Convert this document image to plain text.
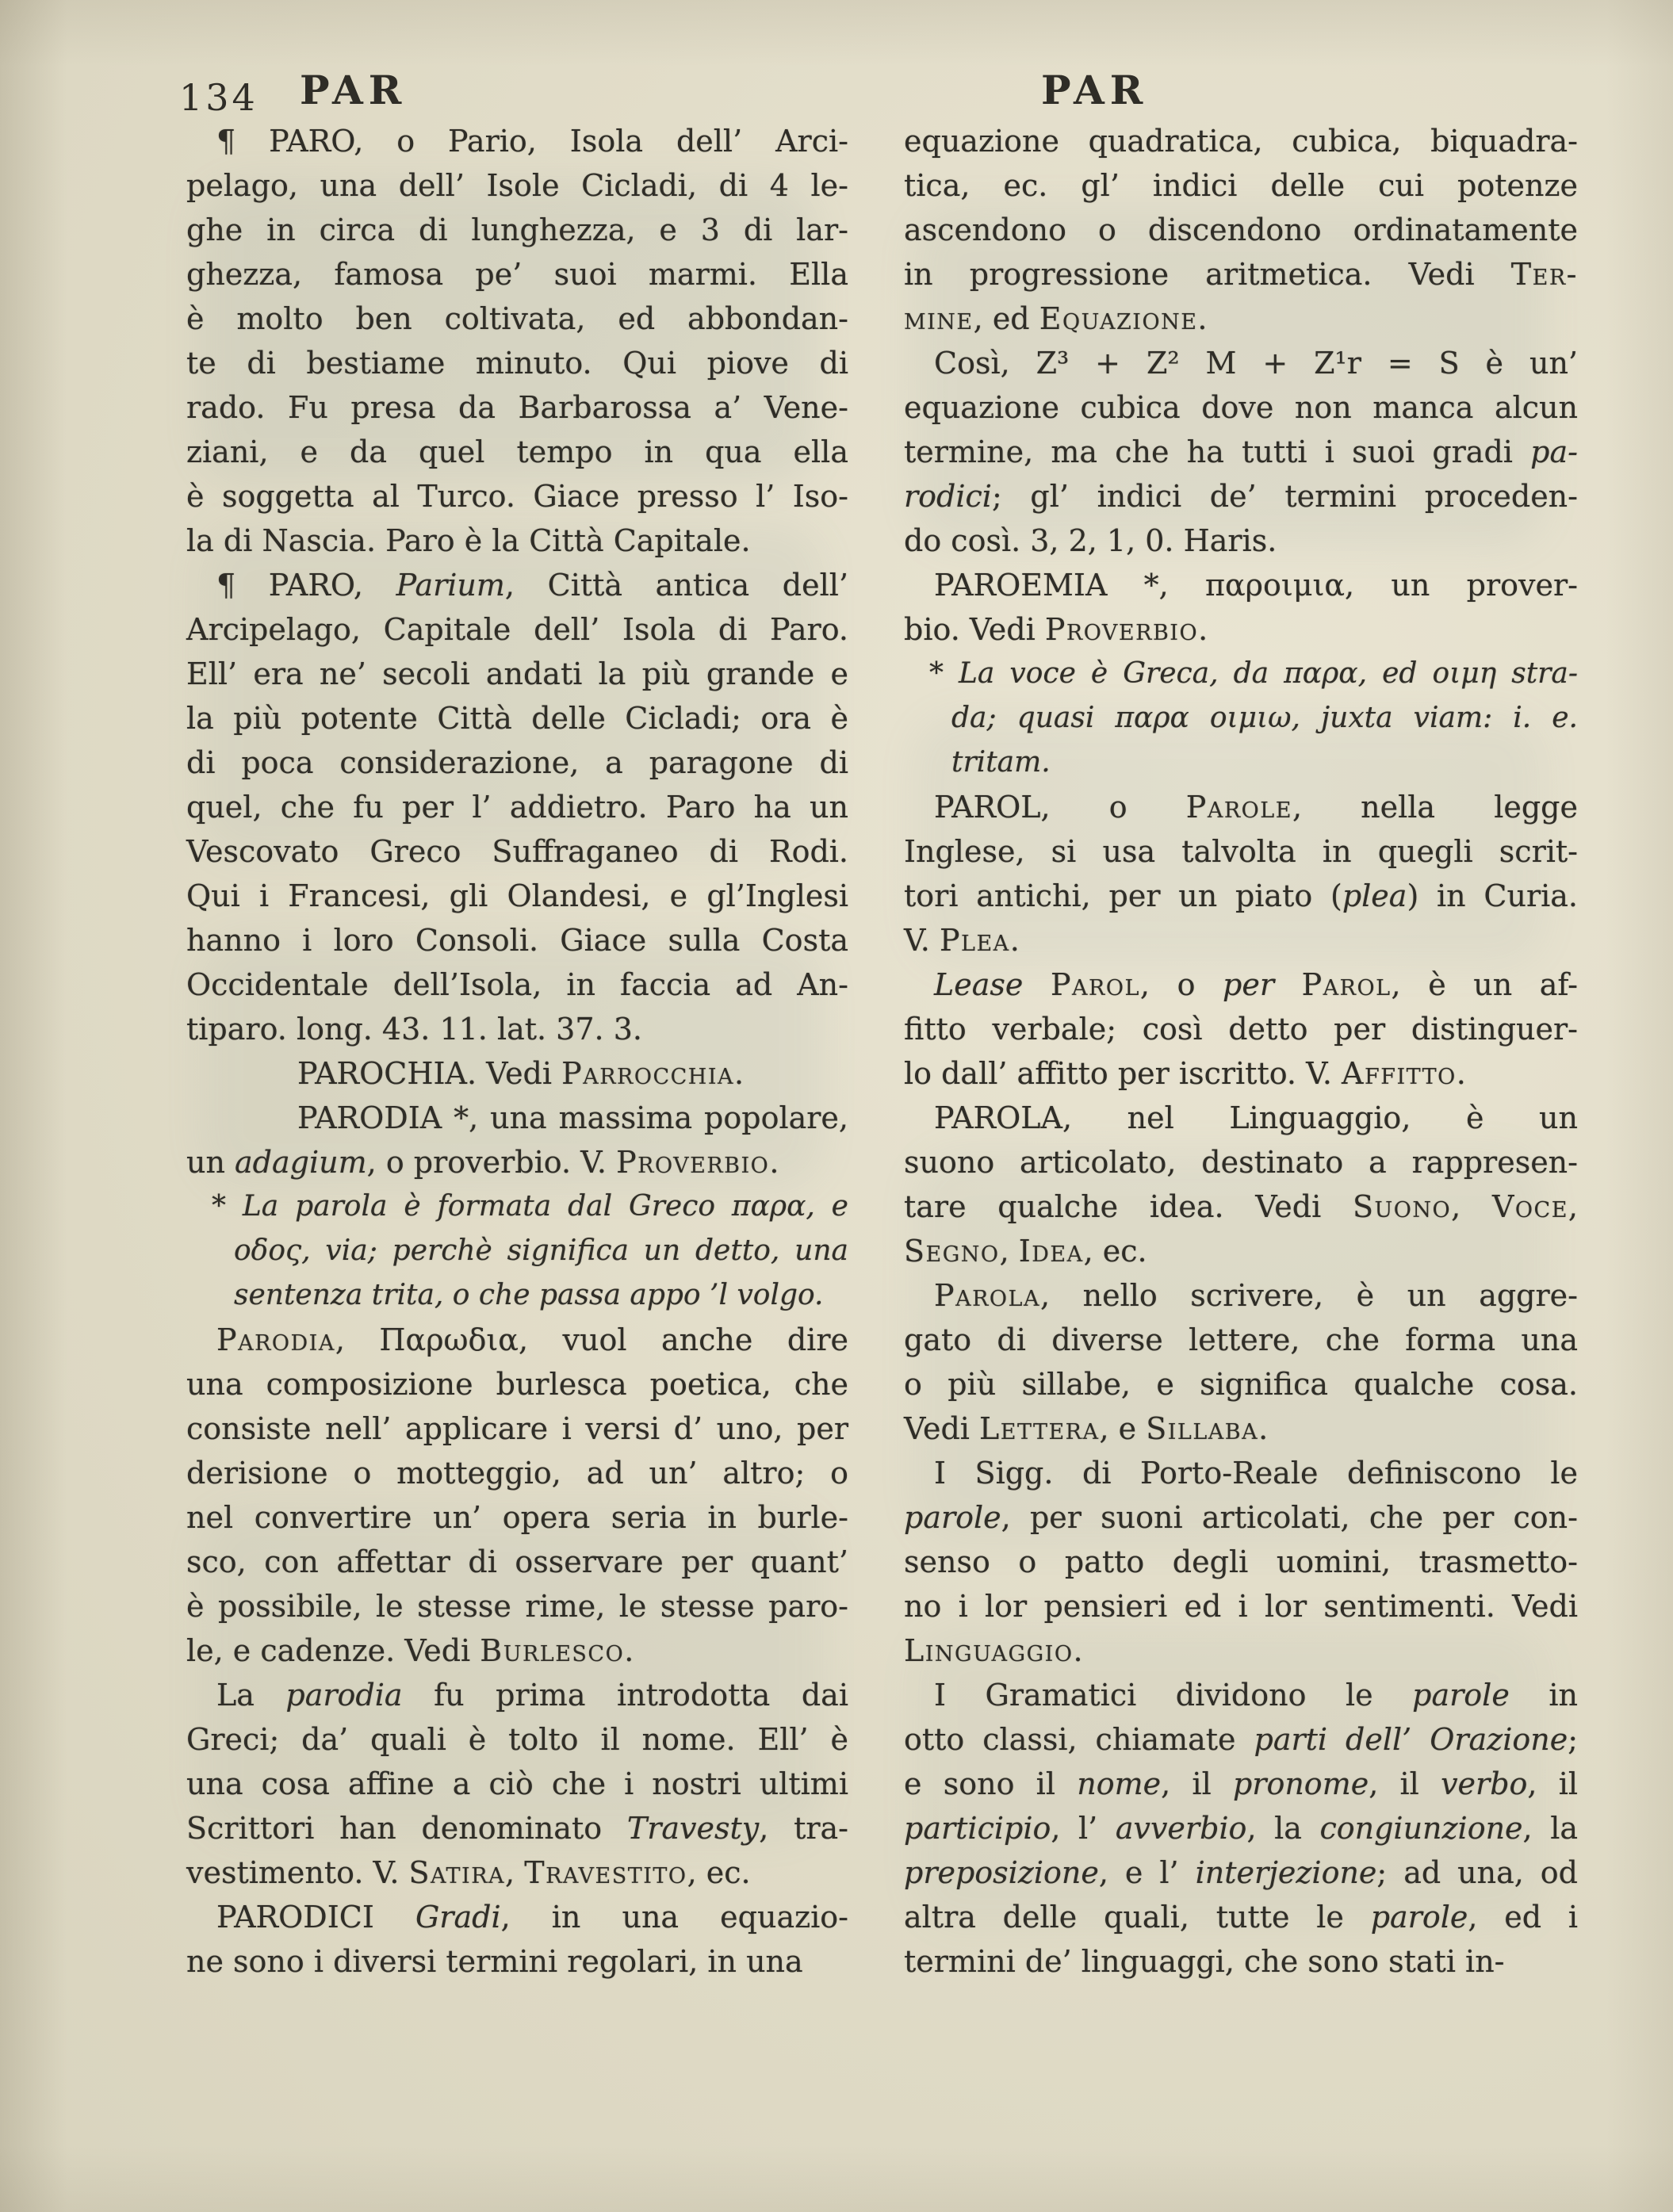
134 PAR	PAR
¶ PARO, o Pario, Isola dell’ Arci-
pelago, una dell’ Isole Cicladi, di 4 le-
ghe in circa di lunghezza, e 3 di lar-
ghezza, famosa pe’ suoi marmi. Ella
è molto ben coltivata, ed abbondan-
te di bestiame minuto. Qui piove di
rado. Fu presa da Barbarossa a’ Vene-
ziani, e da quel tempo in qua ella
è soggetta al Turco. Giace presso l’ Iso-
la di Nascia. Paro è la Città Capitale.
¶ PARO, Parium, Città antica dell’
Arcipelago, Capitale dell’ Isola di Paro.
Ell’ era ne’ secoli andati la più grande e
la più potente Città delle Cicladi; ora è
di poca considerazione, a paragone di
quel, che fu per l’ addietro. Paro ha un
Vescovato Greco Suffraganeo di Rodi.
Qui i Francesi, gli Olandesi, e gl’Inglesi
hanno i loro Consoli. Giace sulla Costa
Occidentale dell’Isola, in faccia ad An-
tiparo. long. 43. 11. lat. 37. 3.
PAROCHIA. Vedi Parrocchia.
PARODIA *, una massima popolare,
un adagium, o proverbio. V. Proverbio.
* La parola è formata dal Greco παρα, e
οδος, via; perchè significa un detto, una
sentenza trita, o che passa appo ’l volgo.
Parodia, Παρωδια, vuol anche dire
una composizione burlesca poetica, che
consiste nell’ applicare i versi d’ uno, per
derisione o motteggio, ad un’ altro; o
nel convertire un’ opera seria in burle-
sco, con affettar di osservare per quant’
è possibile, le stesse rime, le stesse paro-
le, e cadenze. Vedi Burlesco.
La parodia fu prima introdotta dai
Greci; da’ quali è tolto il nome. Ell’ è
una cosa affine a ciò che i nostri ultimi
Scrittori han denominato Travesty, tra-
vestimento. V. Satira, Travestito, ec.
PARODICI Gradi, in una equazio-
ne sono i diversi termini regolari, in una
equazione quadratica, cubica, biquadra-
tica, ec. gl’ indici delle cui potenze
ascendono o discendono ordinatamente
in progressione aritmetica. Vedi Ter-
mine, ed Equazione.
Così, Z³ + Z² M + Z¹r = S è un’
equazione cubica dove non manca alcun
termine, ma che ha tutti i suoi gradi pa-
rodici; gl’ indici de’ termini proceden-
do così. 3, 2, 1, 0. Haris.
PAROEMIA *, παροιμια, un prover-
bio. Vedi Proverbio.
* La voce è Greca, da παρα, ed οιμη stra-
da; quasi παρα οιμιω, juxta viam: i. e.
tritam.
PAROL, o Parole, nella legge
Inglese, si usa talvolta in quegli scrit-
tori antichi, per un piato (plea) in Curia.
V. Plea.
Lease Parol, o per Parol, è un af-
fitto verbale; così detto per distinguer-
lo dall’ affitto per iscritto. V. Affitto.
PAROLA, nel Linguaggio, è un
suono articolato, destinato a rappresen-
tare qualche idea. Vedi Suono, Voce,
Segno, Idea, ec.
Parola, nello scrivere, è un aggre-
gato di diverse lettere, che forma una
o più sillabe, e significa qualche cosa.
Vedi Lettera, e Sillaba.
I Sigg. di Porto-Reale definiscono le
parole, per suoni articolati, che per con-
senso o patto degli uomini, trasmetto-
no i lor pensieri ed i lor sentimenti. Vedi
Linguaggio.
I Gramatici dividono le parole in
otto classi, chiamate parti dell’ Orazione;
e sono il nome, il pronome, il verbo, il
participio, l’ avverbio, la congiunzione, la
preposizione, e l’ interjezione; ad una, od
altra delle quali, tutte le parole, ed i
termini de’ linguaggi, che sono stati in-
